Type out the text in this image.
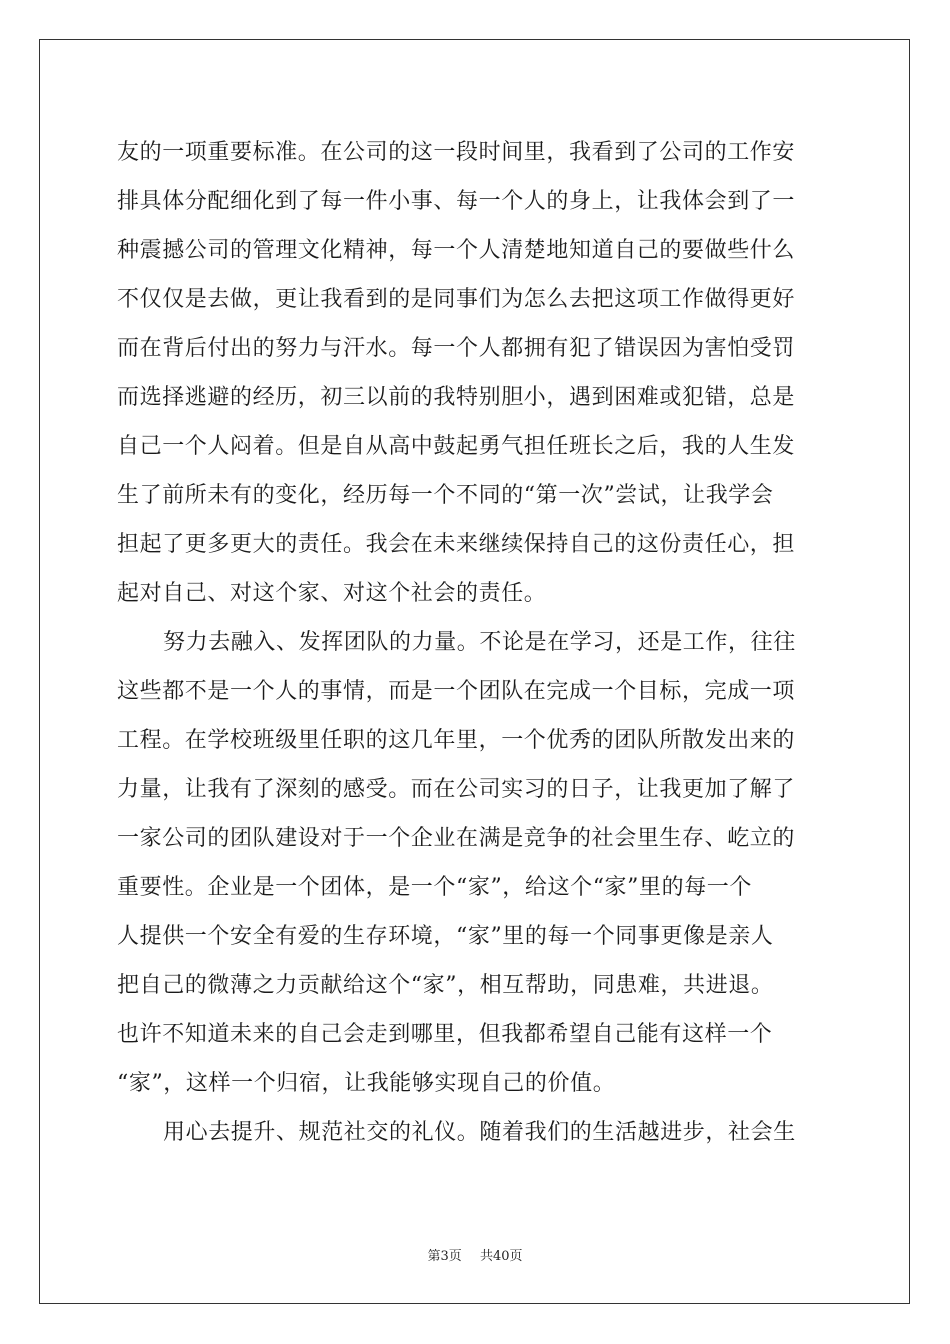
友的一项重要标准。在公司的这一段时间里，我看到了公司的工作安
排具体分配细化到了每一件小事、每一个人的身上，让我体会到了一
种震撼公司的管理文化精神，每一个人清楚地知道自己的要做些什么
不仅仅是去做，更让我看到的是同事们为怎么去把这项工作做得更好
而在背后付出的努力与汗水。每一个人都拥有犯了错误因为害怕受罚
而选择逃避的经历，初三以前的我特别胆小，遇到困难或犯错，总是
自己一个人闷着。但是自从高中鼓起勇气担任班长之后，我的人生发
生了前所未有的变化，经历每一个不同的“第一次”尝试，让我学会
担起了更多更大的责任。我会在未来继续保持自己的这份责任心，担
起对自己、对这个家、对这个社会的责任。
努力去融入、发挥团队的力量。不论是在学习，还是工作，往往
这些都不是一个人的事情，而是一个团队在完成一个目标，完成一项
工程。在学校班级里任职的这几年里，一个优秀的团队所散发出来的
力量，让我有了深刻的感受。而在公司实习的日子，让我更加了解了
一家公司的团队建设对于一个企业在满是竞争的社会里生存、屹立的
重要性。企业是一个团体，是一个“家”，给这个“家”里的每一个
人提供一个安全有爱的生存环境，“家”里的每一个同事更像是亲人
把自己的微薄之力贡献给这个“家”，相互帮助，同患难，共进退。
也许不知道未来的自己会走到哪里，但我都希望自己能有这样一个
“家”，这样一个归宿，让我能够实现自己的价值。
用心去提升、规范社交的礼仪。随着我们的生活越进步，社会生
第3页 共40页
